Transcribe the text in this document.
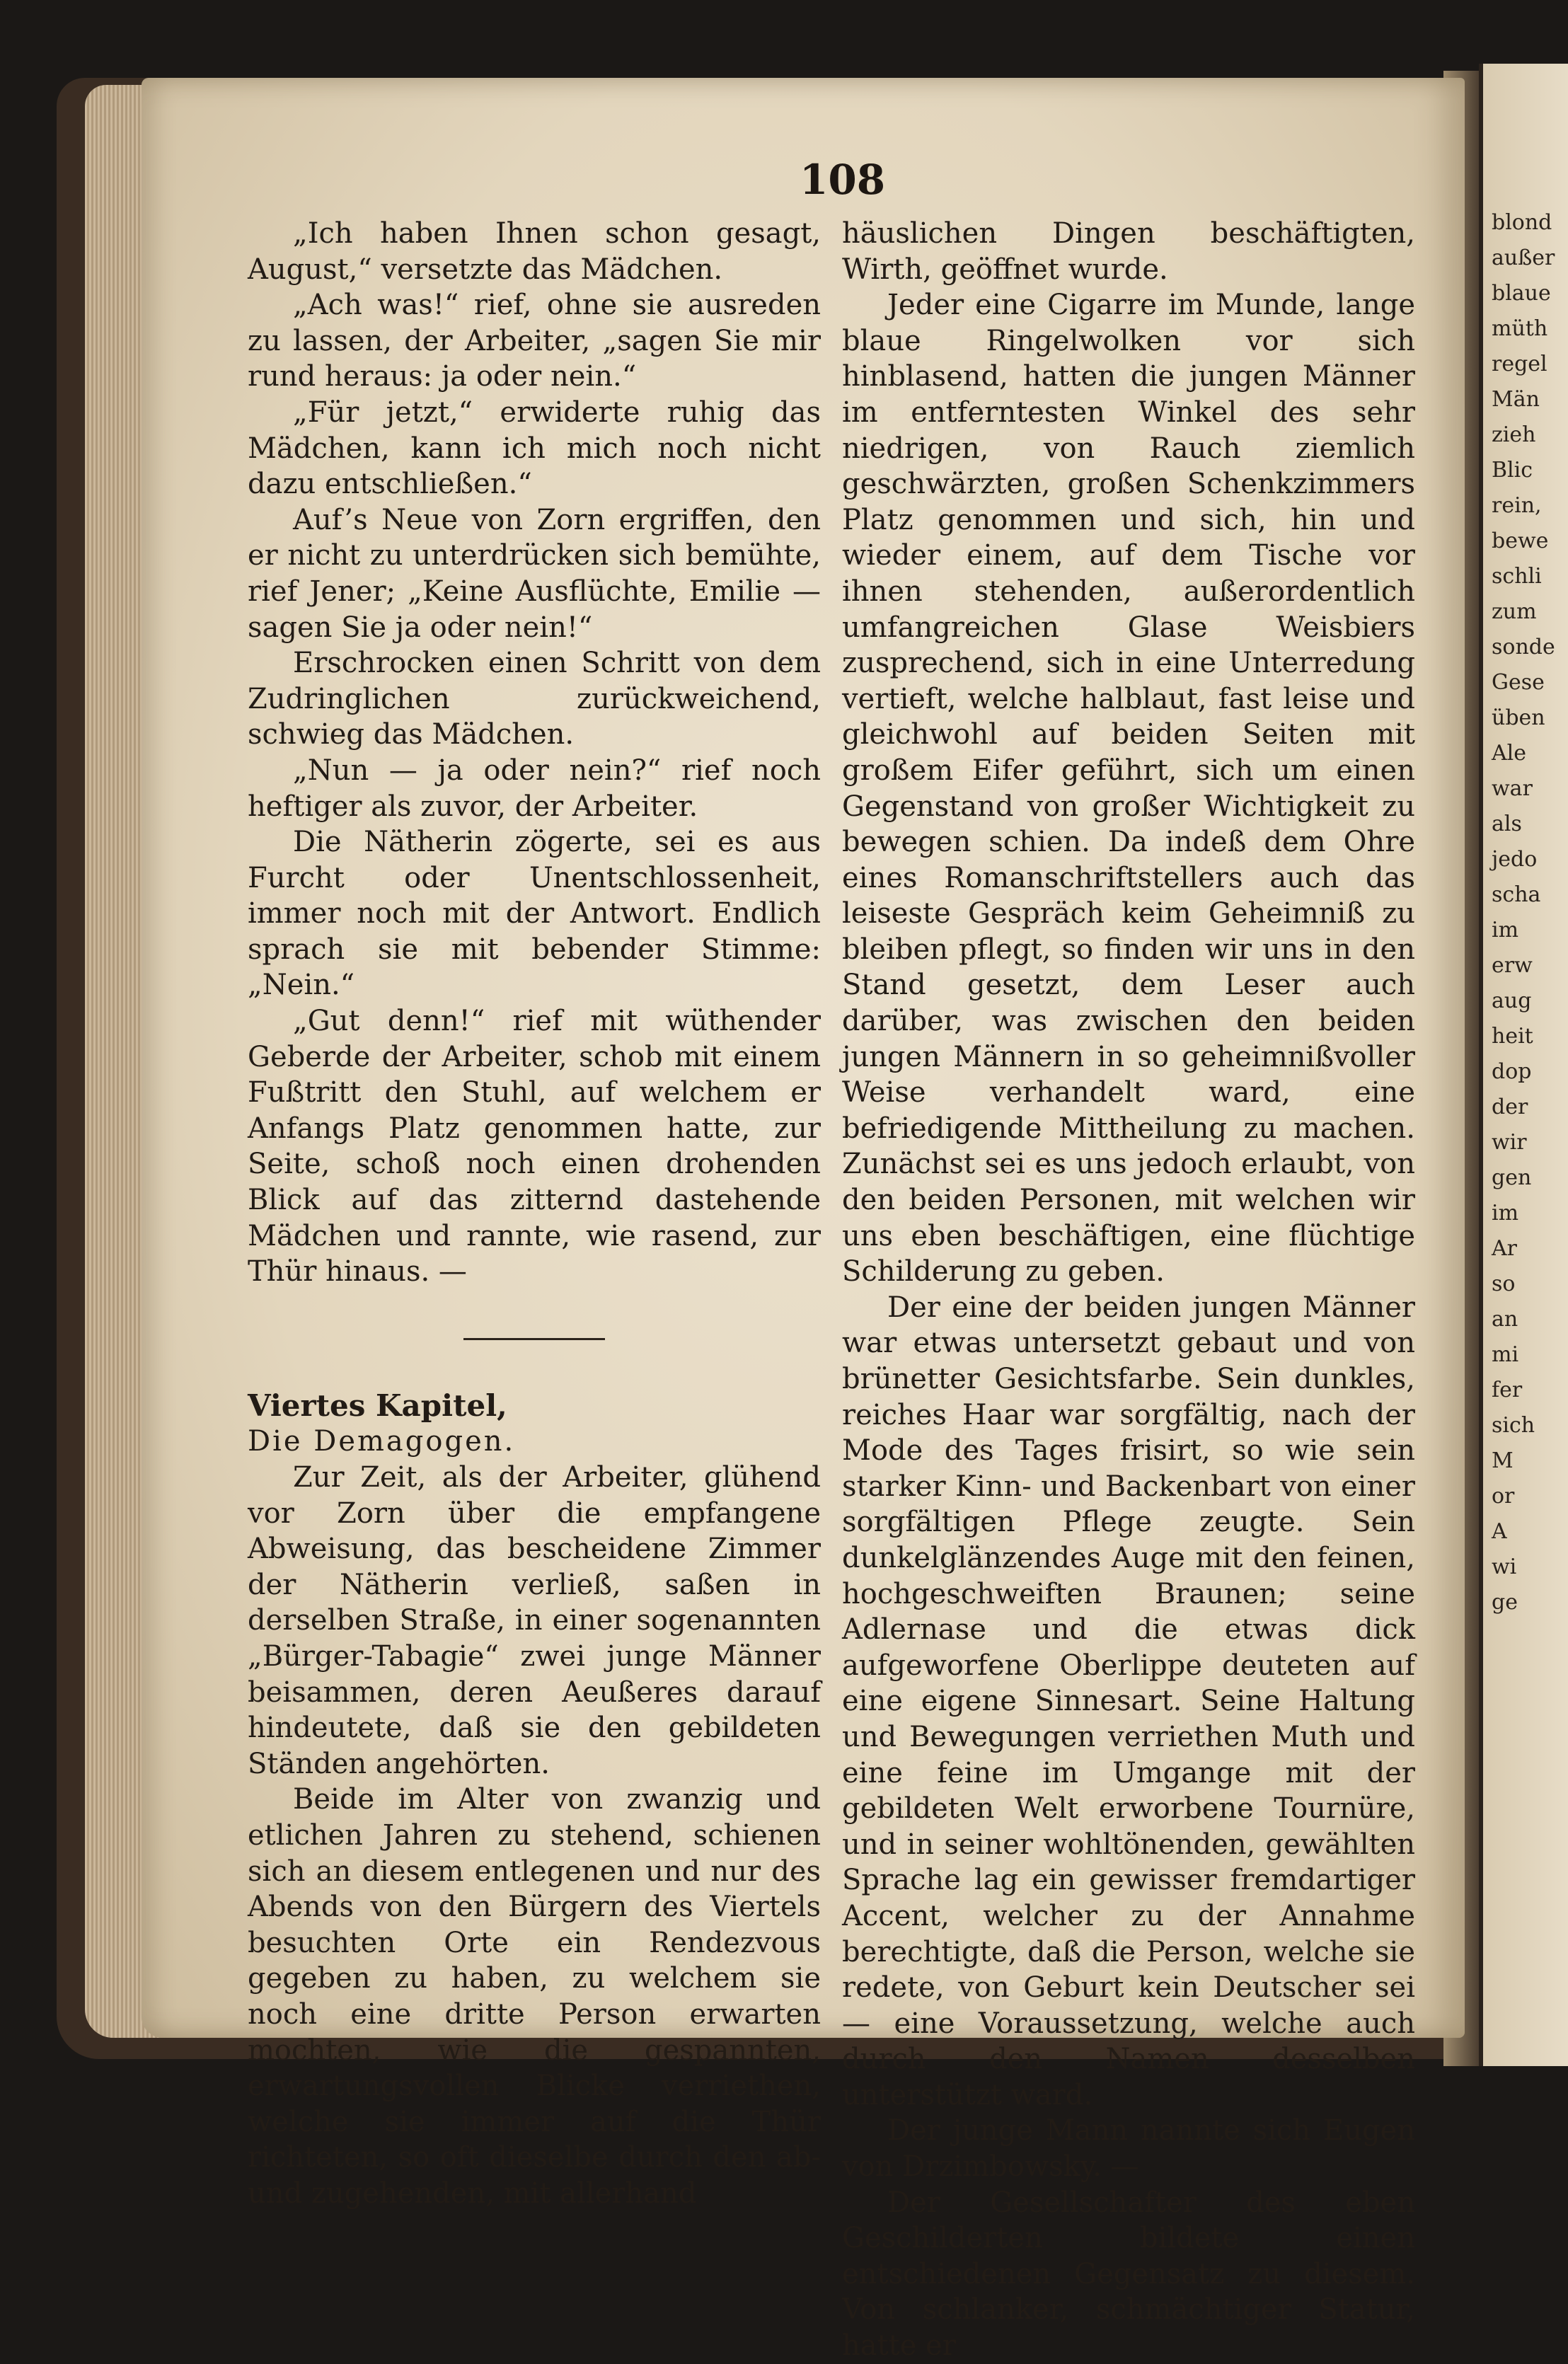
blond
außer
blaue
müth
regel
Män
zieh
Blic
rein,
bewe
schli
zum
sonde
Gese
üben
Ale
war
als
jedo
scha
im
erw
aug
heit
dop
der
wir
gen
im
Ar
so
an
mi
fer
sich
M
or
A
wi
ge
108

„Ich haben Ihnen schon gesagt, August,“ versetzte das Mädchen.

„Ach was!“ rief, ohne sie ausreden zu lassen, der Arbeiter, „sagen Sie mir rund heraus: ja oder nein.“

„Für jetzt,“ erwiderte ruhig das Mädchen, kann ich mich noch nicht dazu entschließen.“

Auf’s Neue von Zorn ergriffen, den er nicht zu unterdrücken sich bemühte, rief Jener; „Keine Ausflüchte, Emilie — sagen Sie ja oder nein!“

Erschrocken einen Schritt von dem Zudringlichen zurückweichend, schwieg das Mädchen.

„Nun — ja oder nein?“ rief noch heftiger als zuvor, der Arbeiter.

Die Nätherin zögerte, sei es aus Furcht oder Unentschlossenheit, immer noch mit der Antwort. Endlich sprach sie mit bebender Stimme: „Nein.“

„Gut denn!“ rief mit wüthender Geberde der Arbeiter, schob mit einem Fußtritt den Stuhl, auf welchem er Anfangs Platz genommen hatte, zur Seite, schoß noch einen drohenden Blick auf das zitternd dastehende Mädchen und rannte, wie rasend, zur Thür hinaus. —

Viertes Kapitel,

Die Demagogen.

Zur Zeit, als der Arbeiter, glühend vor Zorn über die empfangene Abweisung, das bescheidene Zimmer der Nätherin verließ, saßen in derselben Straße, in einer sogenannten „Bürger-Tabagie“ zwei junge Männer beisammen, deren Aeußeres darauf hindeutete, daß sie den gebildeten Ständen angehörten.

Beide im Alter von zwanzig und etlichen Jahren zu stehend, schienen sich an diesem entlegenen und nur des Abends von den Bürgern des Viertels besuchten Orte ein Rendezvous gegeben zu haben, zu welchem sie noch eine dritte Person erwarten mochten, wie die gespannten, erwartungsvollen Blicke verriethen, welche sie immer auf die Thür richteten, so oft dieselbe durch den ab- und zugehenden, mit allerhand

häuslichen Dingen beschäftigten, Wirth, geöffnet wurde.

Jeder eine Cigarre im Munde, lange blaue Ringelwolken vor sich hinblasend, hatten die jungen Männer im entferntesten Winkel des sehr niedrigen, von Rauch ziemlich geschwärzten, großen Schenkzimmers Platz genommen und sich, hin und wieder einem, auf dem Tische vor ihnen stehenden, außerordentlich umfangreichen Glase Weisbiers zusprechend, sich in eine Unterredung vertieft, welche halblaut, fast leise und gleichwohl auf beiden Seiten mit großem Eifer geführt, sich um einen Gegenstand von großer Wichtigkeit zu bewegen schien. Da indeß dem Ohre eines Romanschriftstellers auch das leiseste Gespräch keim Geheimniß zu bleiben pflegt, so finden wir uns in den Stand gesetzt, dem Leser auch darüber, was zwischen den beiden jungen Männern in so geheimnißvoller Weise verhandelt ward, eine befriedigende Mittheilung zu machen. Zunächst sei es uns jedoch erlaubt, von den beiden Personen, mit welchen wir uns eben beschäftigen, eine flüchtige Schilderung zu geben.

Der eine der beiden jungen Männer war etwas untersetzt gebaut und von brünetter Gesichtsfarbe. Sein dunkles, reiches Haar war sorgfältig, nach der Mode des Tages frisirt, so wie sein starker Kinn- und Backenbart von einer sorgfältigen Pflege zeugte. Sein dunkelglänzendes Auge mit den feinen, hochgeschweiften Braunen; seine Adlernase und die etwas dick aufgeworfene Oberlippe deuteten auf eine eigene Sinnesart. Seine Haltung und Bewegungen verriethen Muth und eine feine im Umgange mit der gebildeten Welt erworbene Tournüre, und in seiner wohltönenden, gewählten Sprache lag ein gewisser fremdartiger Accent, welcher zu der Annahme berechtigte, daß die Person, welche sie redete, von Geburt kein Deutscher sei — eine Voraussetzung, welche auch durch den Namen desselben unterstützt ward.

Der junge Mann nannte sich Eugen von Drzimbowsky. —

Der Gesellschafter des eben Geschilderten bildete einen entschiedenen Gegensatz zu diesem. Von schlanker, schmächtiger Statur, hatte er
